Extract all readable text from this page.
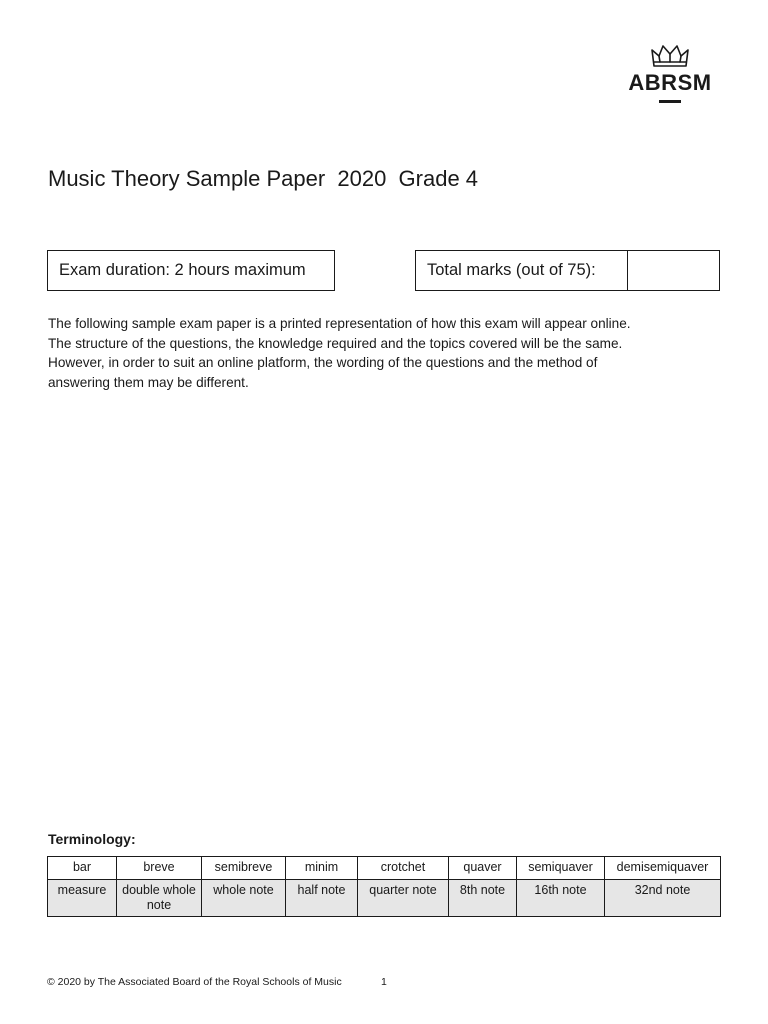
ABRSM
Music Theory Sample Paper  2020  Grade 4
Exam duration: 2 hours maximum	Total marks (out of 75):

The following sample exam paper is a printed representation of how this exam will appear online. The structure of the questions, the knowledge required and the topics covered will be the same. However, in order to suit an online platform, the wording of the questions and the method of answering them may be different.

Terminology:

bar	breve	semibreve	minim	crotchet	quaver	semiquaver	demisemiquaver
measure	double whole note	whole note	half note	quarter note	8th note	16th note	32nd note
© 2020 by The Associated Board of the Royal Schools of Music	1
